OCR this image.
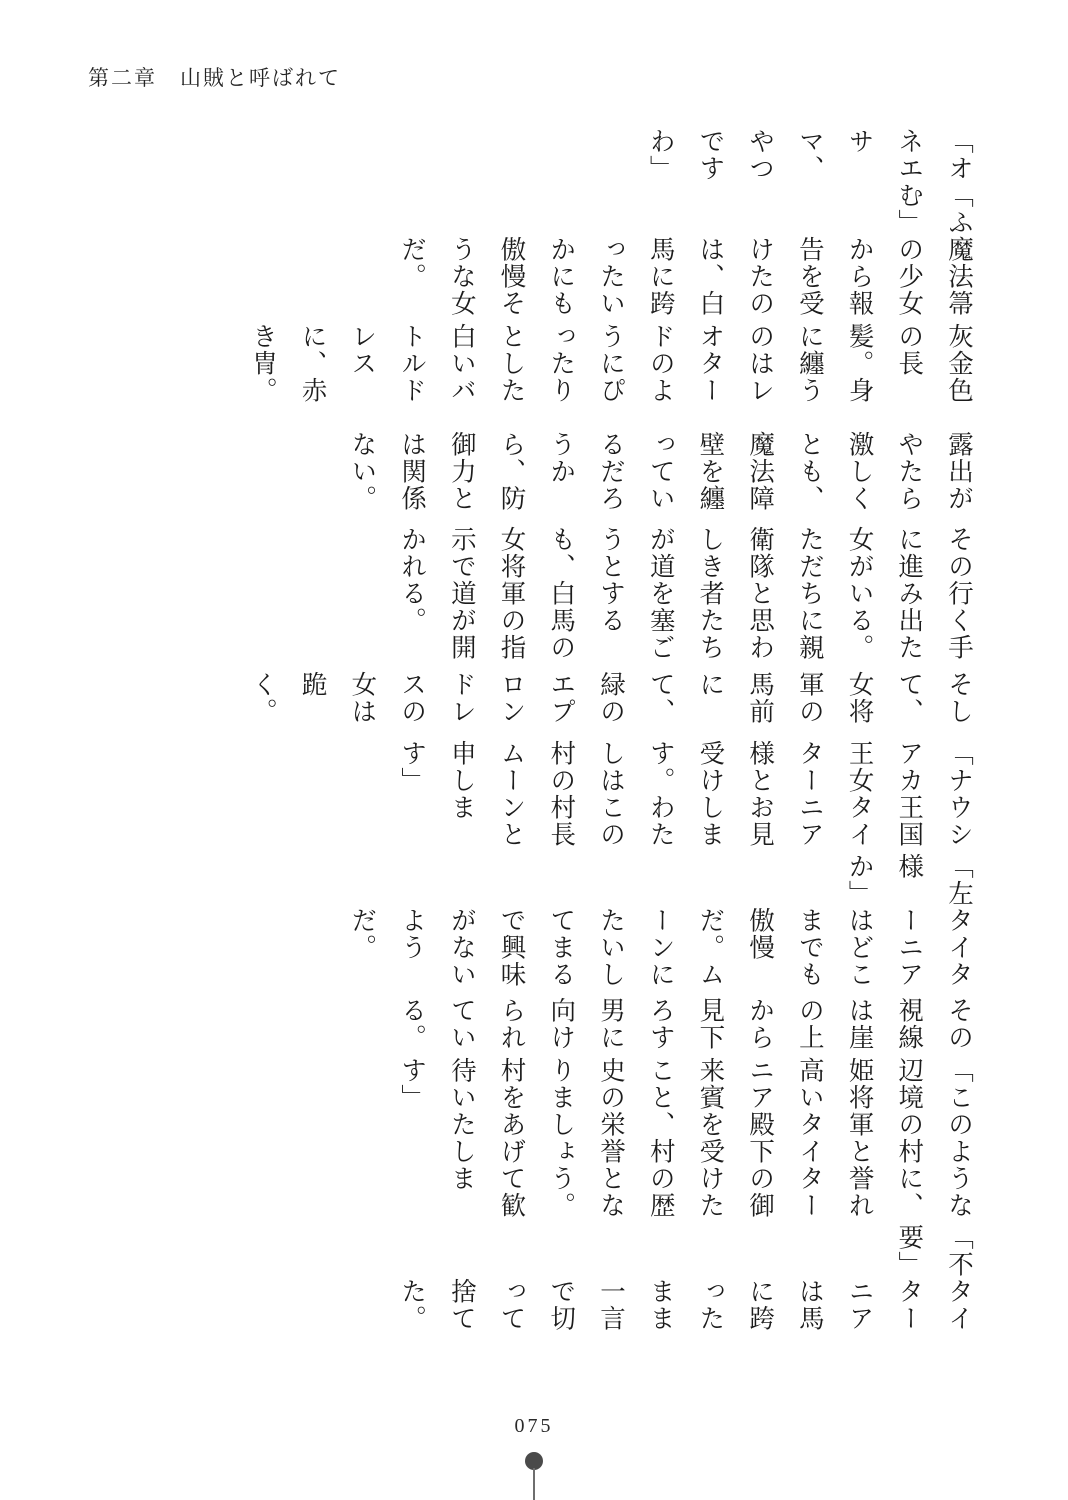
第二章　山賊と呼ばれて

「オネエサマ、やつですわ」

「ふむ」

魔法箒の少女から報告を受けたのは、白馬に跨ったいかにも傲慢そうな女だ。

灰金色の長髪。身に纏うのはレオタードのようにぴったりとした白いバトルドレスに、赤き冑。

露出がやたら激しくとも、魔法障壁を纏っているだろうから、防御力とは関係ない。

その行く手に進み出た女がいる。ただちに親衛隊と思わしき者たちが道を塞ごうとするも、白馬の女将軍の指示で道が開かれる。

そして、女将軍の馬前にて、緑のエプロンドレスの女は跪く。

「ナウシアカ王国王女タイターニア様とお見受けします。わたしはこの村の村長ムーンと申します」

「左様か」

タイターニアはどこまでも傲慢だ。ムーンにたいしてまるで興味がないようだ。

その視線は崖の上から見下ろす男に向けられている。

「このような辺境の村に、姫将軍と誉れ高いタイターニア殿下の御来賓を受けたこと、村の歴史の栄誉となりましょう。村をあげて歓待いたします」

「不要」

タイターニアは馬に跨ったまま一言で切って捨てた。

075
